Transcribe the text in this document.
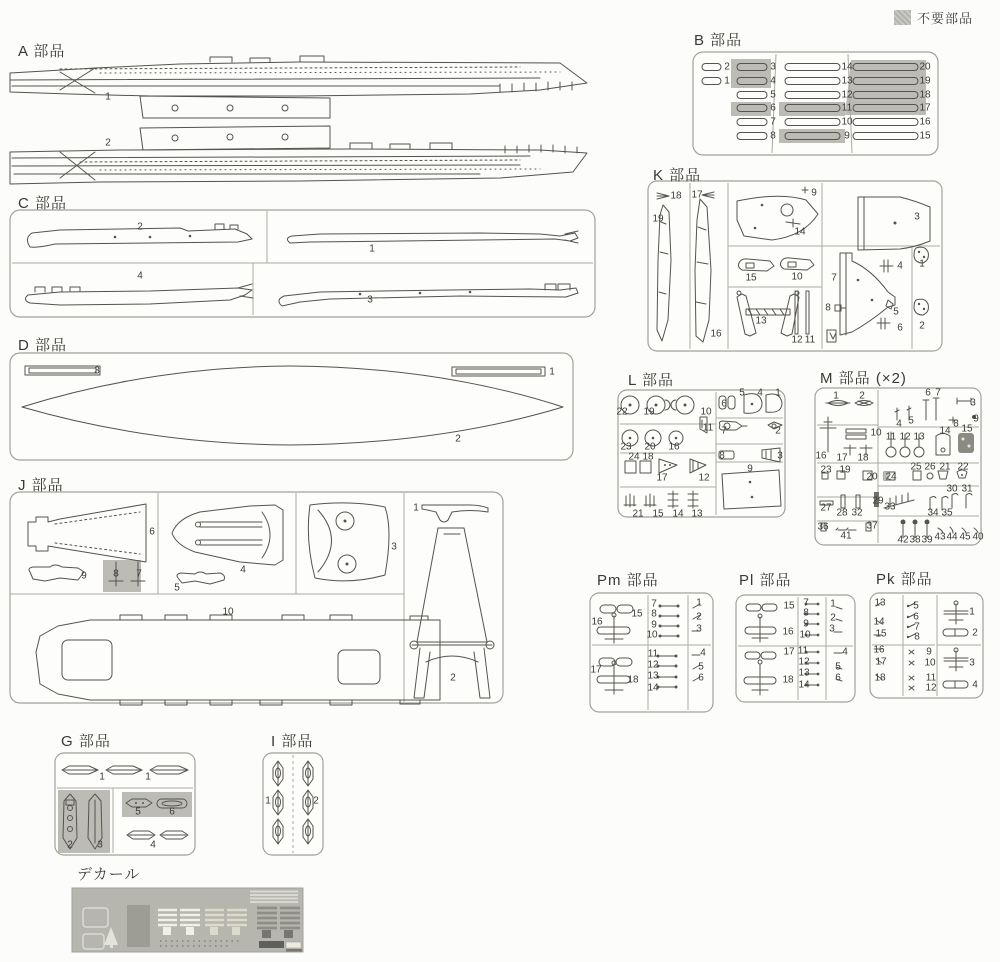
不要部品
A 部品
1
2
B 部品
2
1
3
4
5
6
7
8
14
13
12
11
10
9
20
19
18
17
16
15
C 部品
2
1
4
3
D 部品
3	1
2
J 部品
6
9	8 7	4
5
3
1
2
10
K 部品
18 17
19
16
14
9
3
15	10
13
12 11
7
8
4
5
6
1
2
L 部品
22 19	10
23 20 16
11
24 18
17	12
21 15 14 13
5 4 1
6
7	2
8	3
9
M 部品 (×2)
1 2	6 7
3
4 5	8 9
10 11 12 13
14 15
16 17 18
23 19
20 24
25 26 21 22
27 28 32
29
33
30 31
34 35
36
41
37
42 38 39 43 44 45 40
Pm 部品
15
16
7
8
9
10
1
2
3
17
18
11
12
13
14
4
5
6
Pl 部品
15
16
7
8
9
10
1
2
3
17
18
11
12
13
14
4
5
6
Pk 部品
13
14
15
16
17
18
5
6
7
8
9
10
11
12
1
2
3
4
G 部品
1	1
2 3
5	6
4
I 部品
1	2
デカール
